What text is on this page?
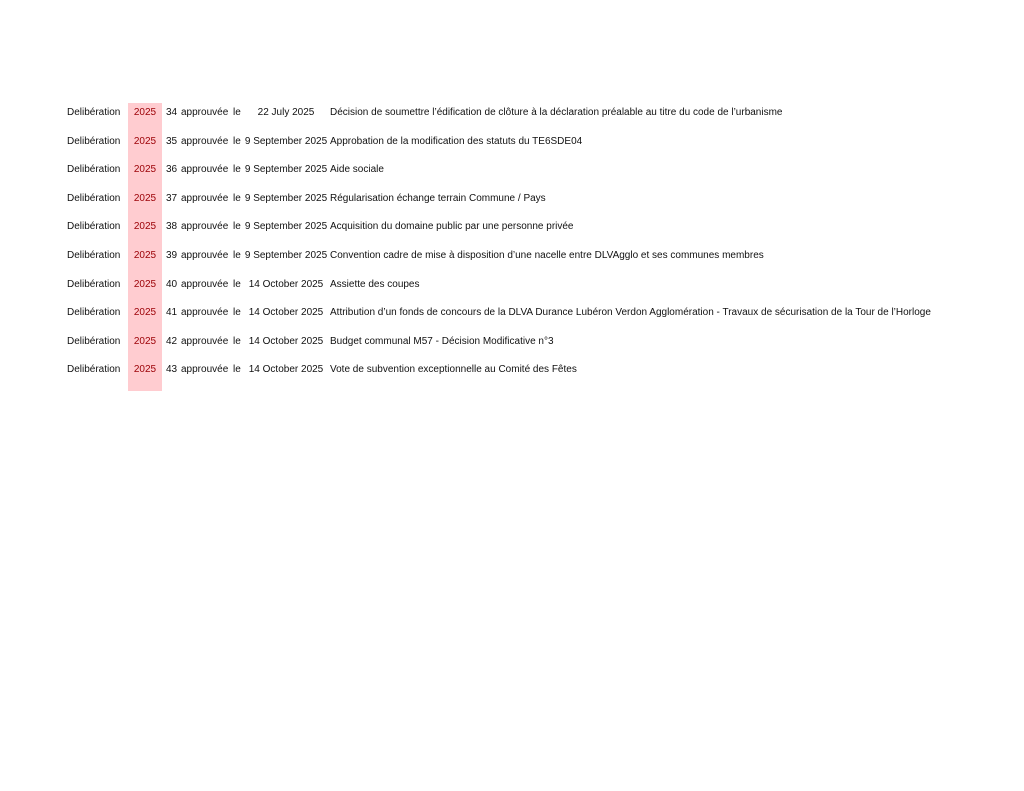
Delibération	2025 34 approuvée le	22 July 2025	Décision de soumettre l’édification de clôture à la déclaration préalable au titre du code de l’urbanisme
Delibération	2025 35 approuvée le 9 September 2025 Approbation de la modification des statuts du TE6SDE04
Delibération	2025 36 approuvée le 9 September 2025 Aide sociale
Delibération	2025 37 approuvée le 9 September 2025 Régularisation échange terrain Commune / Pays
Delibération	2025 38 approuvée le 9 September 2025 Acquisition du domaine public par une personne privée
Delibération	2025 39 approuvée le 9 September 2025 Convention cadre de mise à disposition d’une nacelle entre DLVAgglo et ses communes membres
Delibération	2025 40 approuvée le 14 October 2025 Assiette des coupes
Delibération	2025 41 approuvée le 14 October 2025 Attribution d’un fonds de concours de la DLVA Durance Lubéron Verdon Agglomération - Travaux de sécurisation de la Tour de l’Horloge
Delibération	2025 42 approuvée le 14 October 2025 Budget communal M57 - Décision Modificative n°3
Delibération	2025 43 approuvée le 14 October 2025 Vote de subvention exceptionnelle au Comité des Fêtes
